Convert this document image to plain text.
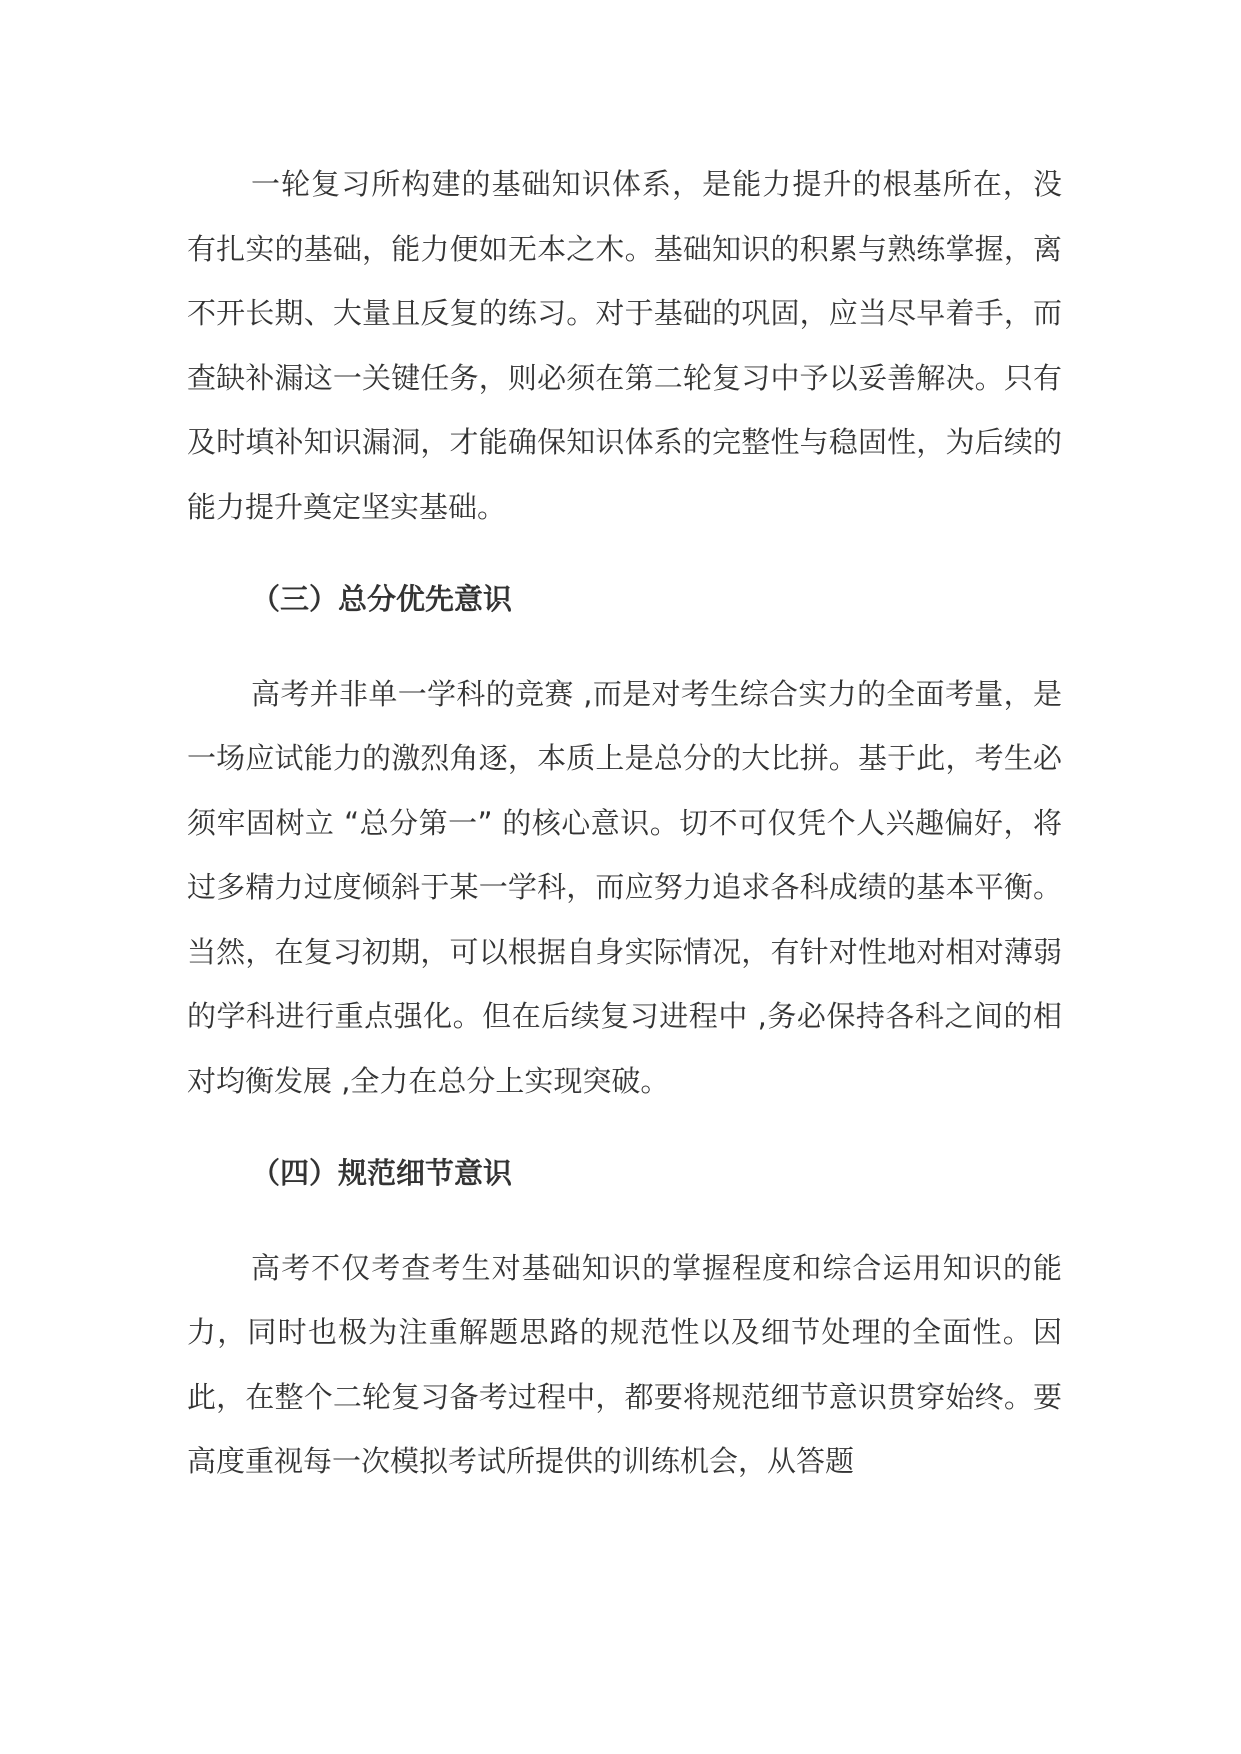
一轮复习所构建的基础知识体系，是能力提升的根基所在，没有扎实的基础，能力便如无本之木。基础知识的积累与熟练掌握，离不开长期、大量且反复的练习。对于基础的巩固，应当尽早着手，而查缺补漏这一关键任务，则必须在第二轮复习中予以妥善解决。只有及时填补知识漏洞，才能确保知识体系的完整性与稳固性，为后续的能力提升奠定坚实基础。

（三）总分优先意识

高考并非单一学科的竞赛 ,而是对考生综合实力的全面考量，是一场应试能力的激烈角逐，本质上是总分的大比拼。基于此，考生必须牢固树立 “总分第一” 的核心意识。切不可仅凭个人兴趣偏好，将过多精力过度倾斜于某一学科，而应努力追求各科成绩的基本平衡。当然，在复习初期，可以根据自身实际情况，有针对性地对相对薄弱的学科进行重点强化。但在后续复习进程中 ,务必保持各科之间的相对均衡发展 ,全力在总分上实现突破。

（四）规范细节意识

高考不仅考查考生对基础知识的掌握程度和综合运用知识的能力，同时也极为注重解题思路的规范性以及细节处理的全面性。因此，在整个二轮复习备考过程中，都要将规范细节意识贯穿始终。要高度重视每一次模拟考试所提供的训练机会，从答题
